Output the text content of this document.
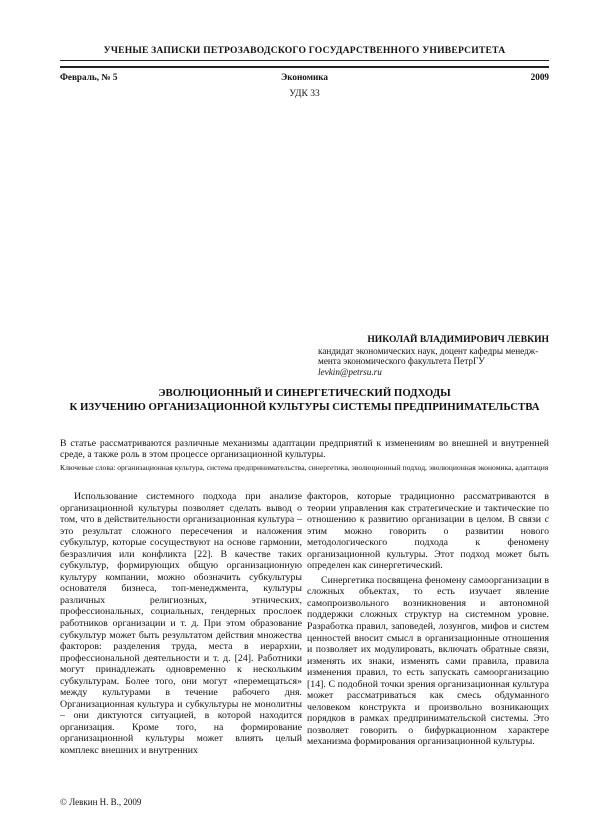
УЧЕНЫЕ ЗАПИСКИ ПЕТРОЗАВОДСКОГО ГОСУДАРСТВЕННОГО УНИВЕРСИТЕТА
Февраль, № 5	Экономика	2009
УДК 33
НИКОЛАЙ ВЛАДИМИРОВИЧ ЛЕВКИН
кандидат экономических наук, доцент кафедры менедж-
мента экономического факультета ПетрГУ
levkin@petrsu.ru
ЭВОЛЮЦИОННЫЙ И СИНЕРГЕТИЧЕСКИЙ ПОДХОДЫ
К ИЗУЧЕНИЮ ОРГАНИЗАЦИОННОЙ КУЛЬТУРЫ СИСТЕМЫ ПРЕДПРИНИМАТЕЛЬСТВА
В статье рассматриваются различные механизмы адаптации предприятий к изменениям во внешней и внутренней среде, а также роль в этом процессе организационной культуры.
Ключевые слова: организационная культура, система предпринимательства, синергетика, эволюционный подход, эволюционная экономика, адаптация

Использование системного подхода при анализе организационной культуры позволяет сделать вывод о том, что в действительности организационная культура – это результат сложного пересечения и наложения субкультур, которые сосуществуют на основе гармонии, безразличия или конфликта [22]. В качестве таких субкультур, формирующих общую организационную культуру компании, можно обозначить субкультуры основателя бизнеса, топ-менеджмента, культуры различных религиозных, этнических, профессиональных, социальных, гендерных прослоек работников организации и т. д. При этом образование субкультур может быть результатом действия множества факторов: разделения труда, места в иерархии, профессиональной деятельности и т. д. [24]. Работники могут принадлежать одновременно к нескольким субкультурам. Более того, они могут «перемещаться» между культурами в течение рабочего дня. Организационная культура и субкультуры не монолитны – они диктуются ситуацией, в которой находится организация. Кроме того, на формирование организационной культуры может влиять целый комплекс внешних и внутренних

факторов, которые традиционно рассматриваются в теории управления как стратегические и тактические по отношению к развитию организации в целом. В связи с этим можно говорить о развитии нового методологического подхода к феномену организационной культуры. Этот подход может быть определен как синергетический.

Синергетика посвящена феномену самоорганизации в сложных объектах, то есть изучает явление самопроизвольного возникновения и автономной поддержки сложных структур на системном уровне. Разработка правил, заповедей, лозунгов, мифов и систем ценностей вносит смысл в организационные отношения и позволяет их модулировать, включать обратные связи, изменять их знаки, изменять сами правила, правила изменения правил, то есть запускать самоорганизацию [14]. С подобной точки зрения организационная культура может рассматриваться как смесь обдуманного человеком конструкта и произвольно возникающих порядков в рамках предпринимательской системы. Это позволяет говорить о бифуркационном характере механизма формирования организационной культуры.

© Левкин Н. В., 2009
